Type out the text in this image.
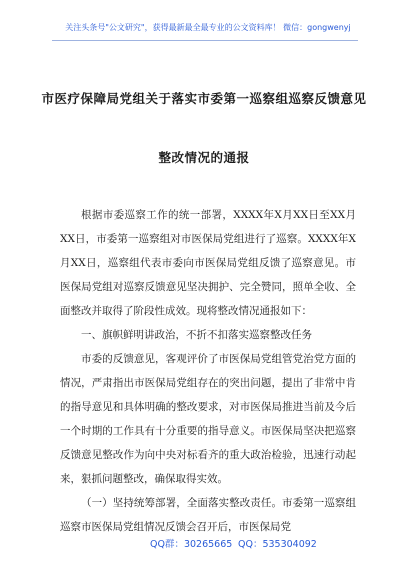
关注头条号"公文研究"，获得最新最全最专业的公文资料库！ 微信：gongwenyj
市医疗保障局党组关于落实市委第一巡察组巡察反馈意见
整改情况的通报

根据市委巡察工作的统一部署，XXXX年X月XX日至XX月XX日，市委第一巡察组对市医保局党组进行了巡察。XXXX年X月XX日，巡察组代表市委向市医保局党组反馈了巡察意见。市医保局党组对巡察反馈意见坚决拥护、完全赞同，照单全收、全面整改并取得了阶段性成效。现将整改情况通报如下：

一、旗帜鲜明讲政治，不折不扣落实巡察整改任务

市委的反馈意见，客观评价了市医保局党组管党治党方面的情况，严肃指出市医保局党组存在的突出问题，提出了非常中肯的指导意见和具体明确的整改要求，对市医保局推进当前及今后一个时期的工作具有十分重要的指导意义。市医保局坚决把巡察反馈意见整改作为向中央对标看齐的重大政治检验，迅速行动起来，狠抓问题整改，确保取得实效。

（一）坚持统筹部署，全面落实整改责任。市委第一巡察组巡察市医保局党组情况反馈会召开后，市医保局党

QQ群：30265665 QQ：535304092
